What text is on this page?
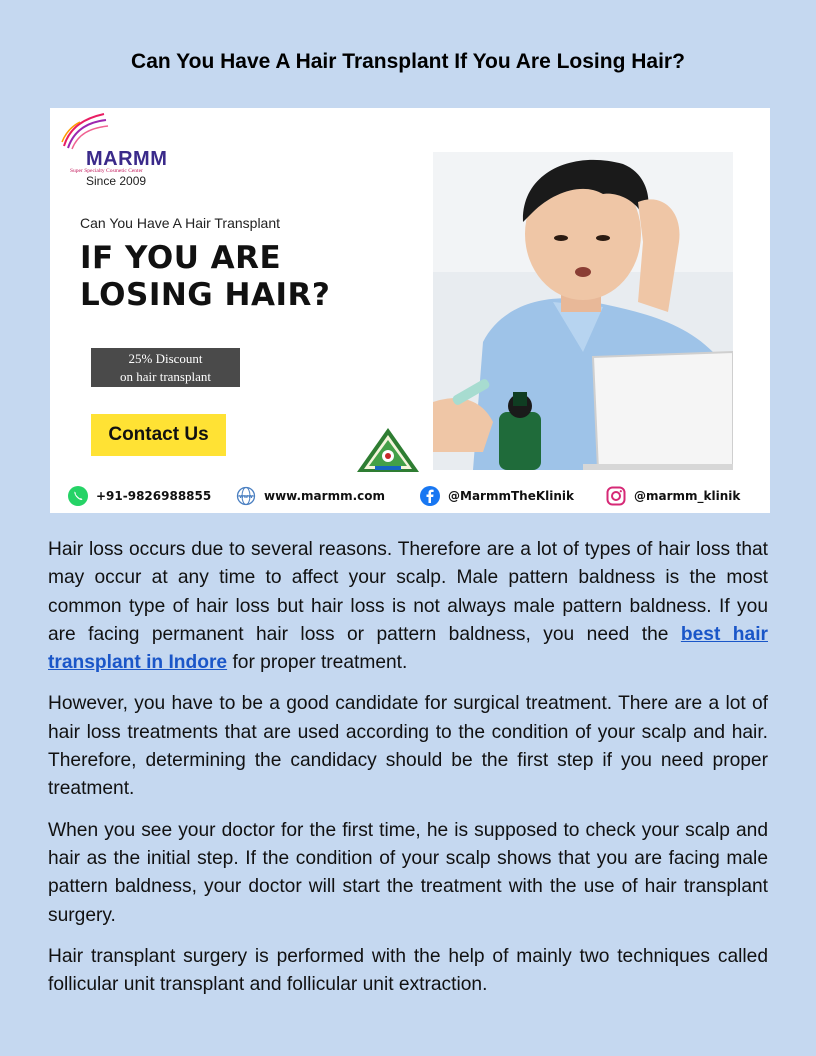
Can You Have A Hair Transplant If You Are Losing Hair?
MARMM
Super Specialty Cosmetic Center
Since 2009
Can You Have A Hair Transplant
IF YOU ARE
LOSING HAIR?
25% Discount
on hair transplant
Contact Us
+91-9826988855	www www.marmm.com	@MarmmTheKlinik	@marmm_klinik

Hair loss occurs due to several reasons. Therefore are a lot of types of hair loss that may occur at any time to affect your scalp. Male pattern baldness is the most common type of hair loss but hair loss is not always male pattern baldness. If you are facing permanent hair loss or pattern baldness, you need the best hair transplant in Indore for proper treatment.

However, you have to be a good candidate for surgical treatment. There are a lot of hair loss treatments that are used according to the condition of your scalp and hair. Therefore, determining the candidacy should be the first step if you need proper treatment.

When you see your doctor for the first time, he is supposed to check your scalp and hair as the initial step. If the condition of your scalp shows that you are facing male pattern baldness, your doctor will start the treatment with the use of hair transplant surgery.

Hair transplant surgery is performed with the help of mainly two techniques called follicular unit transplant and follicular unit extraction.
